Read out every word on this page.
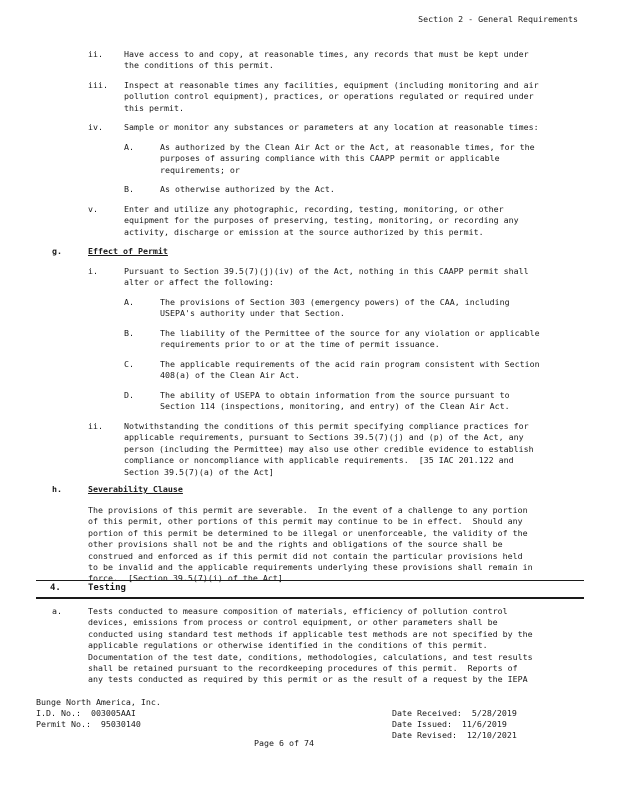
Section 2 - General Requirements
ii.	Have access to and copy, at reasonable times, any records that must be kept under
the conditions of this permit.
iii. Inspect at reasonable times any facilities, equipment (including monitoring and air
pollution control equipment), practices, or operations regulated or required under
this permit.
iv.	Sample or monitor any substances or parameters at any location at reasonable times:
A.	As authorized by the Clean Air Act or the Act, at reasonable times, for the
purposes of assuring compliance with this CAAPP permit or applicable
requirements; or
B.	As otherwise authorized by the Act.
v.	Enter and utilize any photographic, recording, testing, monitoring, or other
equipment for the purposes of preserving, testing, monitoring, or recording any
activity, discharge or emission at the source authorized by this permit.
g.	Effect of Permit
i.	Pursuant to Section 39.5(7)(j)(iv) of the Act, nothing in this CAAPP permit shall
alter or affect the following:
A.	The provisions of Section 303 (emergency powers) of the CAA, including
USEPA's authority under that Section.
B.	The liability of the Permittee of the source for any violation or applicable
requirements prior to or at the time of permit issuance.
C.	The applicable requirements of the acid rain program consistent with Section
408(a) of the Clean Air Act.
D.	The ability of USEPA to obtain information from the source pursuant to
Section 114 (inspections, monitoring, and entry) of the Clean Air Act.
ii.	Notwithstanding the conditions of this permit specifying compliance practices for
applicable requirements, pursuant to Sections 39.5(7)(j) and (p) of the Act, any
person (including the Permittee) may also use other credible evidence to establish
compliance or noncompliance with applicable requirements.  [35 IAC 201.122 and
Section 39.5(7)(a) of the Act]
h.	Severability Clause
The provisions of this permit are severable.  In the event of a challenge to any portion
of this permit, other portions of this permit may continue to be in effect.  Should any
portion of this permit be determined to be illegal or unenforceable, the validity of the
other provisions shall not be and the rights and obligations of the source shall be
construed and enforced as if this permit did not contain the particular provisions held
to be invalid and the applicable requirements underlying these provisions shall remain in
force.  [Section 39.5(7)(i) of the Act]
4.	Testing
a.	Tests conducted to measure composition of materials, efficiency of pollution control
devices, emissions from process or control equipment, or other parameters shall be
conducted using standard test methods if applicable test methods are not specified by the
applicable regulations or otherwise identified in the conditions of this permit.
Documentation of the test date, conditions, methodologies, calculations, and test results
shall be retained pursuant to the recordkeeping procedures of this permit.  Reports of
any tests conducted as required by this permit or as the result of a request by the IEPA
Bunge North America, Inc.
I.D. No.:  003005AAI
Permit No.:  95030140
Date Received:  5/28/2019
Date Issued:  11/6/2019
Date Revised:  12/10/2021
Page 6 of 74
